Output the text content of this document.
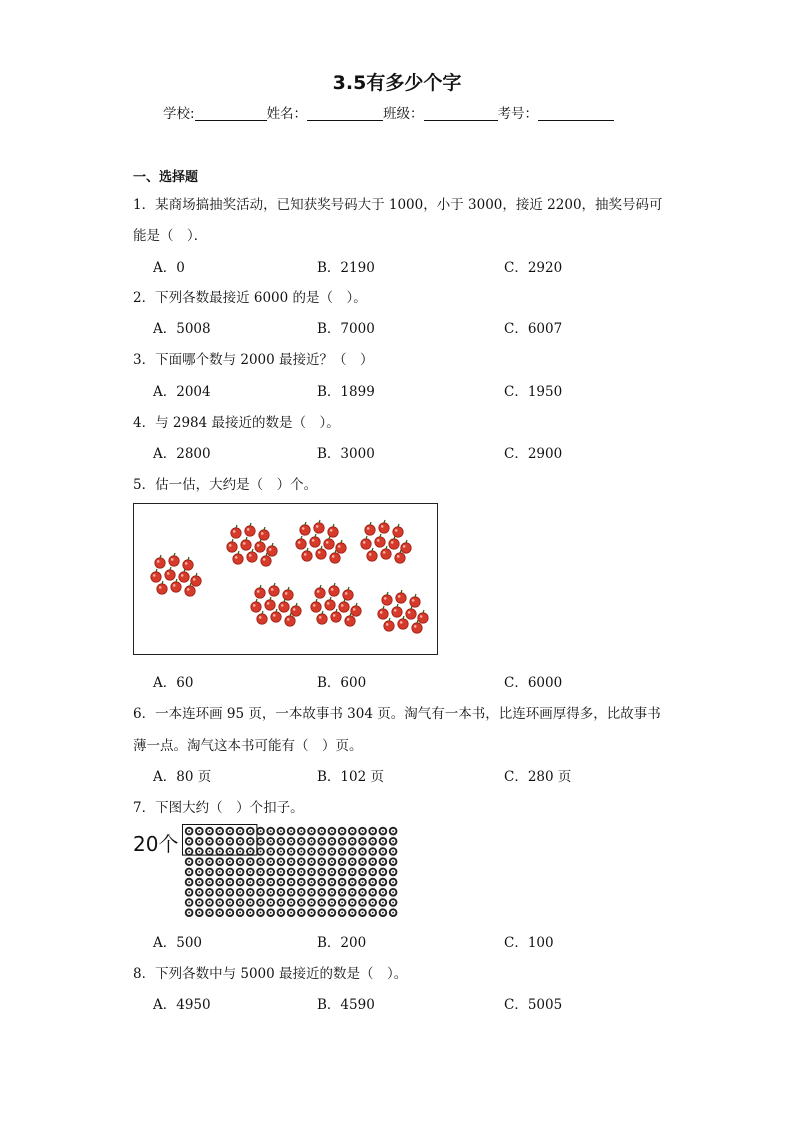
3.5有多少个字
学校:	姓名：	班级：	考号：
一、选择题
1．某商场搞抽奖活动，已知获奖号码大于 1000，小于 3000，接近 2200，抽奖号码可
能是（　）．
A．0	B．2190	C．2920
2．下列各数最接近 6000 的是（　）。
A．5008	B．7000	C．6007
3．下面哪个数与 2000 最接近？（　）
A．2004	B．1899	C．1950
4．与 2984 最接近的数是（　）。
A．2800	B．3000	C．2900
5．估一估，大约是（　）个。
A．60	B．600	C．6000
6．一本连环画 95 页，一本故事书 304 页。淘气有一本书，比连环画厚得多，比故事书
薄一点。淘气这本书可能有（　）页。
A．80 页	B．102 页	C．280 页
7．下图大约（　）个扣子。
20个
A．500	B．200	C．100
8．下列各数中与 5000 最接近的数是（　）。
A．4950	B．4590	C．5005
